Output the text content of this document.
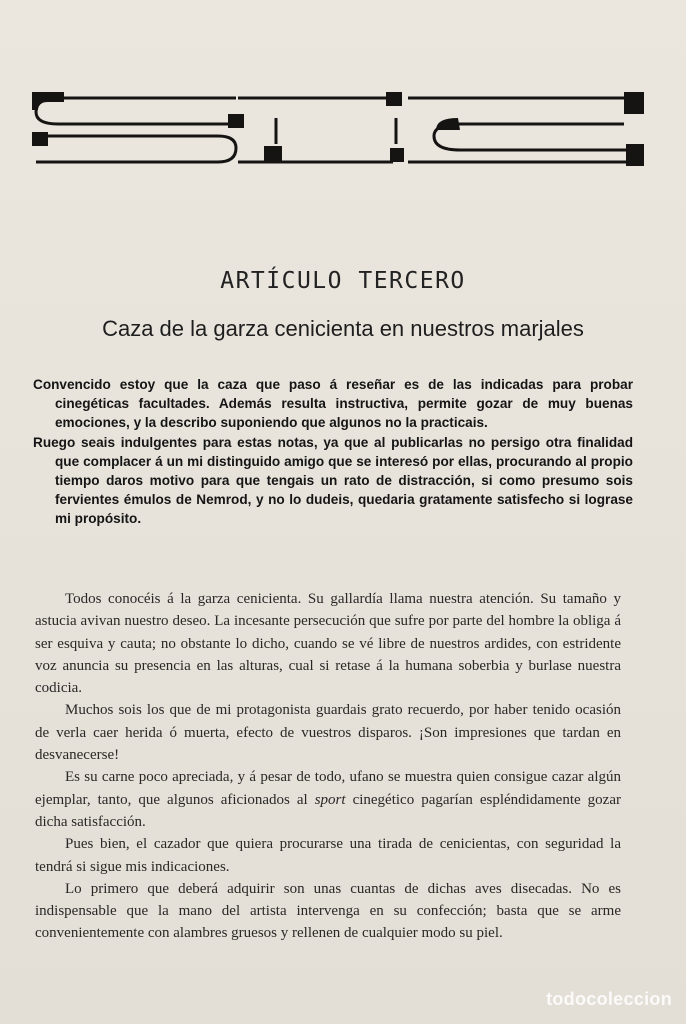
ARTÍCULO TERCERO
Caza de la garza cenicienta en nuestros marjales

Convencido estoy que la caza que paso á reseñar es de las indicadas para probar cinegéticas facultades. Además resulta instructiva, permite gozar de muy buenas emociones, y la describo suponiendo que algunos no la practicais.

Ruego seais indulgentes para estas notas, ya que al publicarlas no persigo otra finalidad que complacer á un mi distinguido amigo que se interesó por ellas, procurando al propio tiempo daros motivo para que tengais un rato de distracción, si como presumo sois fervientes émulos de Nemrod, y no lo dudeis, quedaria gratamente satisfecho si lograse mi propósito.

Todos conocéis á la garza cenicienta. Su gallardía llama nuestra atención. Su tamaño y astucia avivan nuestro deseo. La incesante persecución que sufre por parte del hombre la obliga á ser esquiva y cauta; no obstante lo dicho, cuando se vé libre de nuestros ardides, con estridente voz anuncia su presencia en las alturas, cual si retase á la humana soberbia y burlase nuestra codicia.

Muchos sois los que de mi protagonista guardais grato recuerdo, por haber tenido ocasión de verla caer herida ó muerta, efecto de vuestros disparos. ¡Son impresiones que tardan en desvanecerse!

Es su carne poco apreciada, y á pesar de todo, ufano se muestra quien consigue cazar algún ejemplar, tanto, que algunos aficionados al sport cinegético pagarían espléndidamente gozar dicha satisfacción.

Pues bien, el cazador que quiera procurarse una tirada de cenicientas, con seguridad la tendrá si sigue mis indicaciones.

Lo primero que deberá adquirir son unas cuantas de dichas aves disecadas. No es indispensable que la mano del artista intervenga en su confección; basta que se arme convenientemente con alambres gruesos y rellenen de cualquier modo su piel.

todocoleccion
